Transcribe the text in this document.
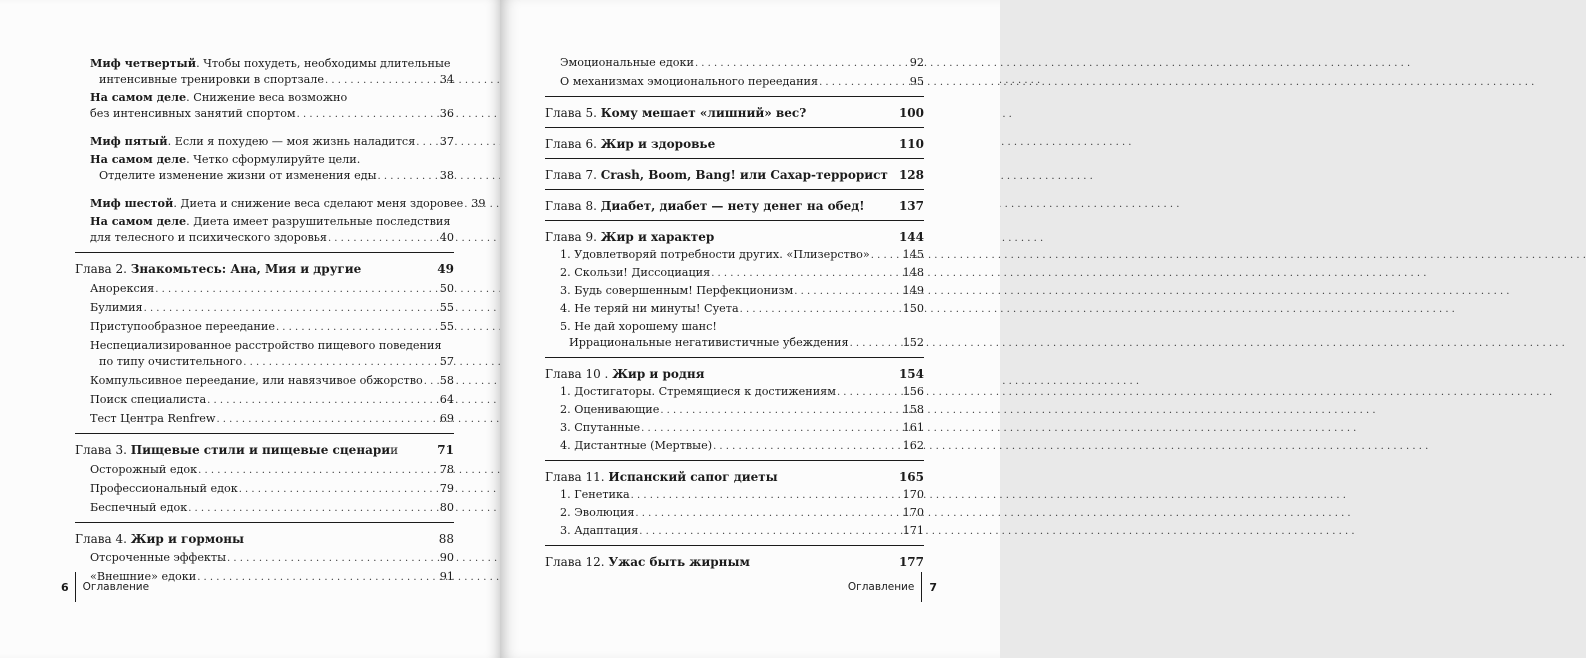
Миф четвертый. Чтобы похудеть, необходимы длительные
интенсивные тренировки в спортзале . . .	34
На самом деле. Снижение веса возможно
без интенсивных занятий спортом . . .	36
Миф пятый. Если я похудею — моя жизнь наладится . . . 37
На самом деле. Четко сформулируйте цели.
Отделите изменение жизни от изменения еды . . .	38
Миф шестой. Диета и снижение веса сделают меня здоровее . . . 39
На самом деле. Диета имеет разрушительные последствия
для телесного и психического здоровья . . .	40
Глава 2. Знакомьтесь: Ана, Мия и другие	49
Анорексия . . .	50
Булимия . . .	55
Приступообразное переедание . . .	55
Неспециализированное расстройство пищевого поведения
по типу очистительного . . .	57
Компульсивное переедание, или навязчивое обжорство . . . 58
Поиск специалиста . . .	64
Тест Центра Renfrew . . .	69
Глава 3. Пищевые стили и пищевые сценарии	71
Осторожный едок . . .	78
Профессиональный едок . . .	79
Беспечный едок . . .	80
Глава 4. Жир и гормоны	88
Отсроченные эффекты . . .	90
«Внешние» едоки . . .	91
6 Оглавление
Эмоциональные едоки . . .	92
О механизмах эмоционального переедания . . .	95
Глава 5. Кому мешает «лишний» вес?	100
Глава 6. Жир и здоровье	110
Глава 7. Crash, Boom, Bang! или Сахар-террорист 128
Глава 8. Диабет, диабет — нету денег на обед!	137
Глава 9. Жир и характер	144
1. Удовлетворяй потребности других. «Плизерство» . . .	145
2. Скользи! Диссоциация . . .	148
3. Будь совершенным! Перфекционизм . . .	149
4. Не теряй ни минуты! Суета . . .	150
5. Не дай хорошему шанс!
Иррациональные негативистичные убеждения . . .	152
Глава 10 . Жир и родня	154
1. Достигаторы. Стремящиеся к достижениям . . .	156
2. Оценивающие . . .	158
3. Спутанные . . .	161
4. Дистантные (Мертвые) . . .	162
Глава 11. Испанский сапог диеты	165
1. Генетика . . .	170
2. Эволюция . . .	170
3. Адаптация . . .	171
Глава 12. Ужас быть жирным	177
Оглавление 7
